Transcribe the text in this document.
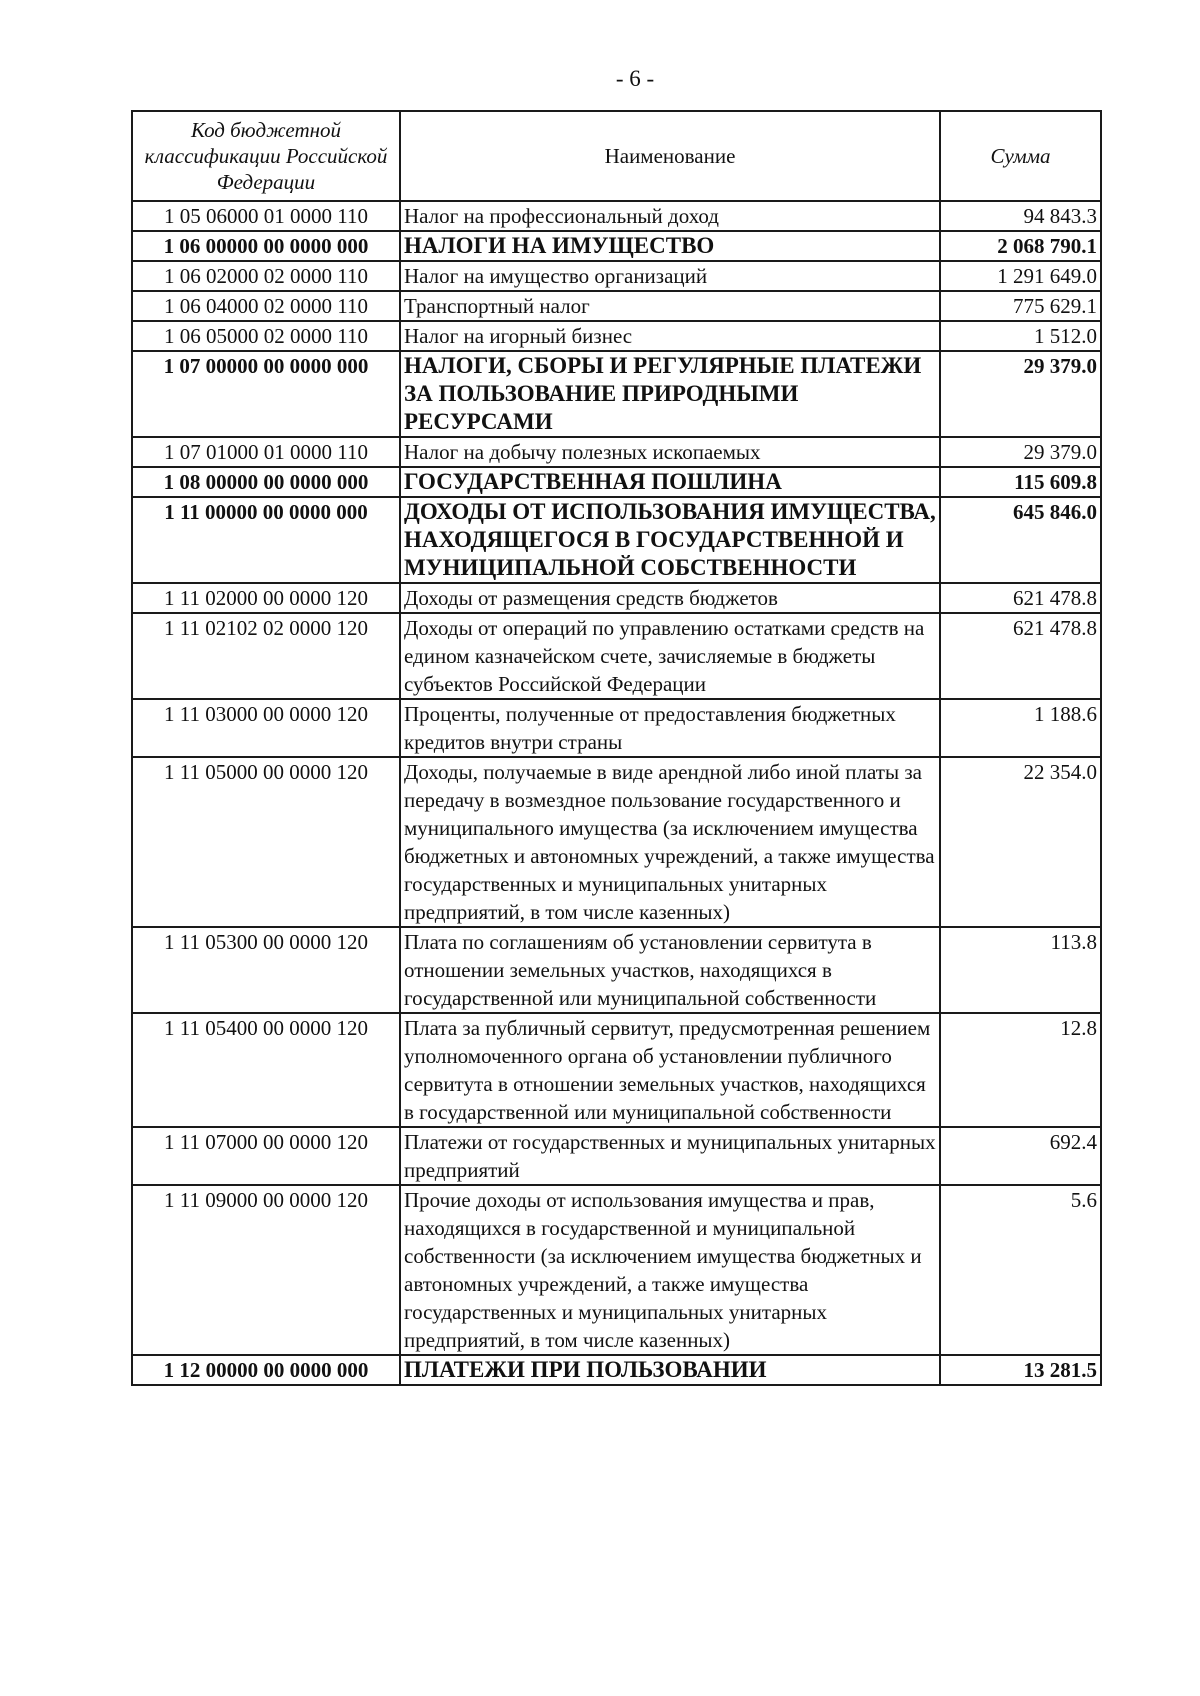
- 6 -
Код бюджетной классификации Российской Федерации	Наименование	Сумма
1 05 06000 01 0000 110	Налог на профессиональный доход	94 843.3
1 06 00000 00 0000 000	НАЛОГИ НА ИМУЩЕСТВО	2 068 790.1
1 06 02000 02 0000 110	Налог на имущество организаций	1 291 649.0
1 06 04000 02 0000 110	Транспортный налог	775 629.1
1 06 05000 02 0000 110	Налог на игорный бизнес	1 512.0
1 07 00000 00 0000 000	НАЛОГИ, СБОРЫ И РЕГУЛЯРНЫЕ ПЛАТЕЖИ ЗА ПОЛЬЗОВАНИЕ ПРИРОДНЫМИ РЕСУРСАМИ	29 379.0
1 07 01000 01 0000 110	Налог на добычу полезных ископаемых	29 379.0
1 08 00000 00 0000 000	ГОСУДАРСТВЕННАЯ ПОШЛИНА	115 609.8
1 11 00000 00 0000 000	ДОХОДЫ ОТ ИСПОЛЬЗОВАНИЯ ИМУЩЕСТВА, НАХОДЯЩЕГОСЯ В ГОСУДАРСТВЕННОЙ И МУНИЦИПАЛЬНОЙ СОБСТВЕННОСТИ	645 846.0
1 11 02000 00 0000 120	Доходы от размещения средств бюджетов	621 478.8
1 11 02102 02 0000 120	Доходы от операций по управлению остатками средств на едином казначейском счете, зачисляемые в бюджеты субъектов Российской Федерации	621 478.8
1 11 03000 00 0000 120	Проценты, полученные от предоставления бюджетных кредитов внутри страны	1 188.6
1 11 05000 00 0000 120	Доходы, получаемые в виде арендной либо иной платы за передачу в возмездное пользование государственного и муниципального имущества (за исключением имущества бюджетных и автономных учреждений, а также имущества государственных и муниципальных унитарных предприятий, в том числе казенных)	22 354.0
1 11 05300 00 0000 120	Плата по соглашениям об установлении сервитута в отношении земельных участков, находящихся в государственной или муниципальной собственности	113.8
1 11 05400 00 0000 120	Плата за публичный сервитут, предусмотренная решением уполномоченного органа об установлении публичного сервитута в отношении земельных участков, находящихся в государственной или муниципальной собственности	12.8
1 11 07000 00 0000 120	Платежи от государственных и муниципальных унитарных предприятий	692.4
1 11 09000 00 0000 120	Прочие доходы от использования имущества и прав, находящихся в государственной и муниципальной собственности (за исключением имущества бюджетных и автономных учреждений, а также имущества государственных и муниципальных унитарных предприятий, в том числе казенных)	5.6
1 12 00000 00 0000 000	ПЛАТЕЖИ ПРИ ПОЛЬЗОВАНИИ	13 281.5
